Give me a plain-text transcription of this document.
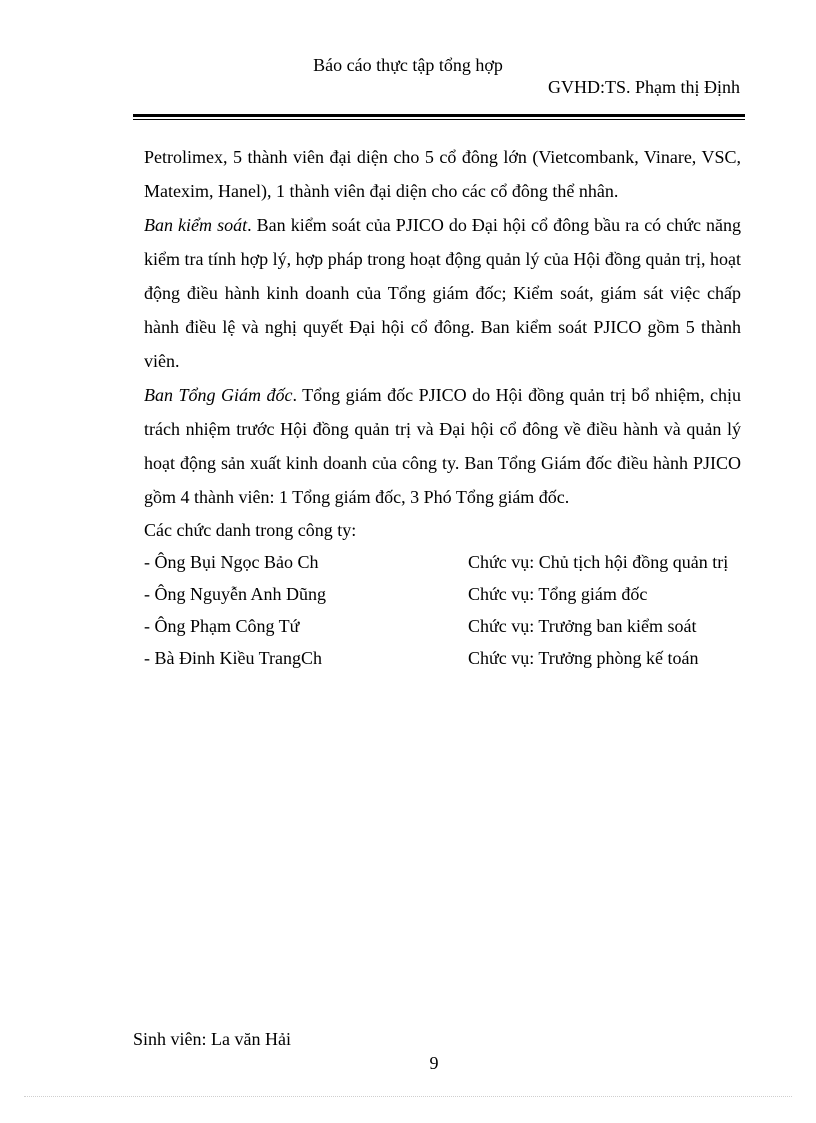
Báo cáo thực tập tổng hợp
GVHD:TS. Phạm thị Định

Petrolimex, 5 thành viên đại diện cho 5 cổ đông lớn (Vietcombank, Vinare, VSC, Matexim, Hanel), 1 thành viên đại diện cho các cổ đông thể nhân.

Ban kiểm soát. Ban kiểm soát của PJICO do Đại hội cổ đông bầu ra có chức năng kiểm tra tính hợp lý, hợp pháp trong hoạt động quản lý của Hội đồng quản trị, hoạt động điều hành kinh doanh của Tổng giám đốc; Kiểm soát, giám sát việc chấp hành điều lệ và nghị quyết Đại hội cổ đông. Ban kiểm soát PJICO gồm 5 thành viên.

Ban Tổng Giám đốc. Tổng giám đốc PJICO do Hội đồng quản trị bổ nhiệm, chịu trách nhiệm trước Hội đồng quản trị và Đại hội cổ đông về điều hành và quản lý hoạt động sản xuất kinh doanh của công ty. Ban Tổng Giám đốc điều hành PJICO gồm 4 thành viên: 1 Tổng giám đốc, 3 Phó Tổng giám đốc.

Các chức danh trong công ty:

- Ông Bụi Ngọc Bảo Ch	Chức vụ: Chủ tịch hội đồng quản trị
- Ông Nguyễn Anh Dũng	Chức vụ: Tổng giám đốc
- Ông Phạm Công Tứ	Chức vụ: Trưởng ban kiểm soát
- Bà Đinh Kiều TrangCh	Chức vụ: Trưởng phòng kế toán
Sinh viên: La văn Hải
9
